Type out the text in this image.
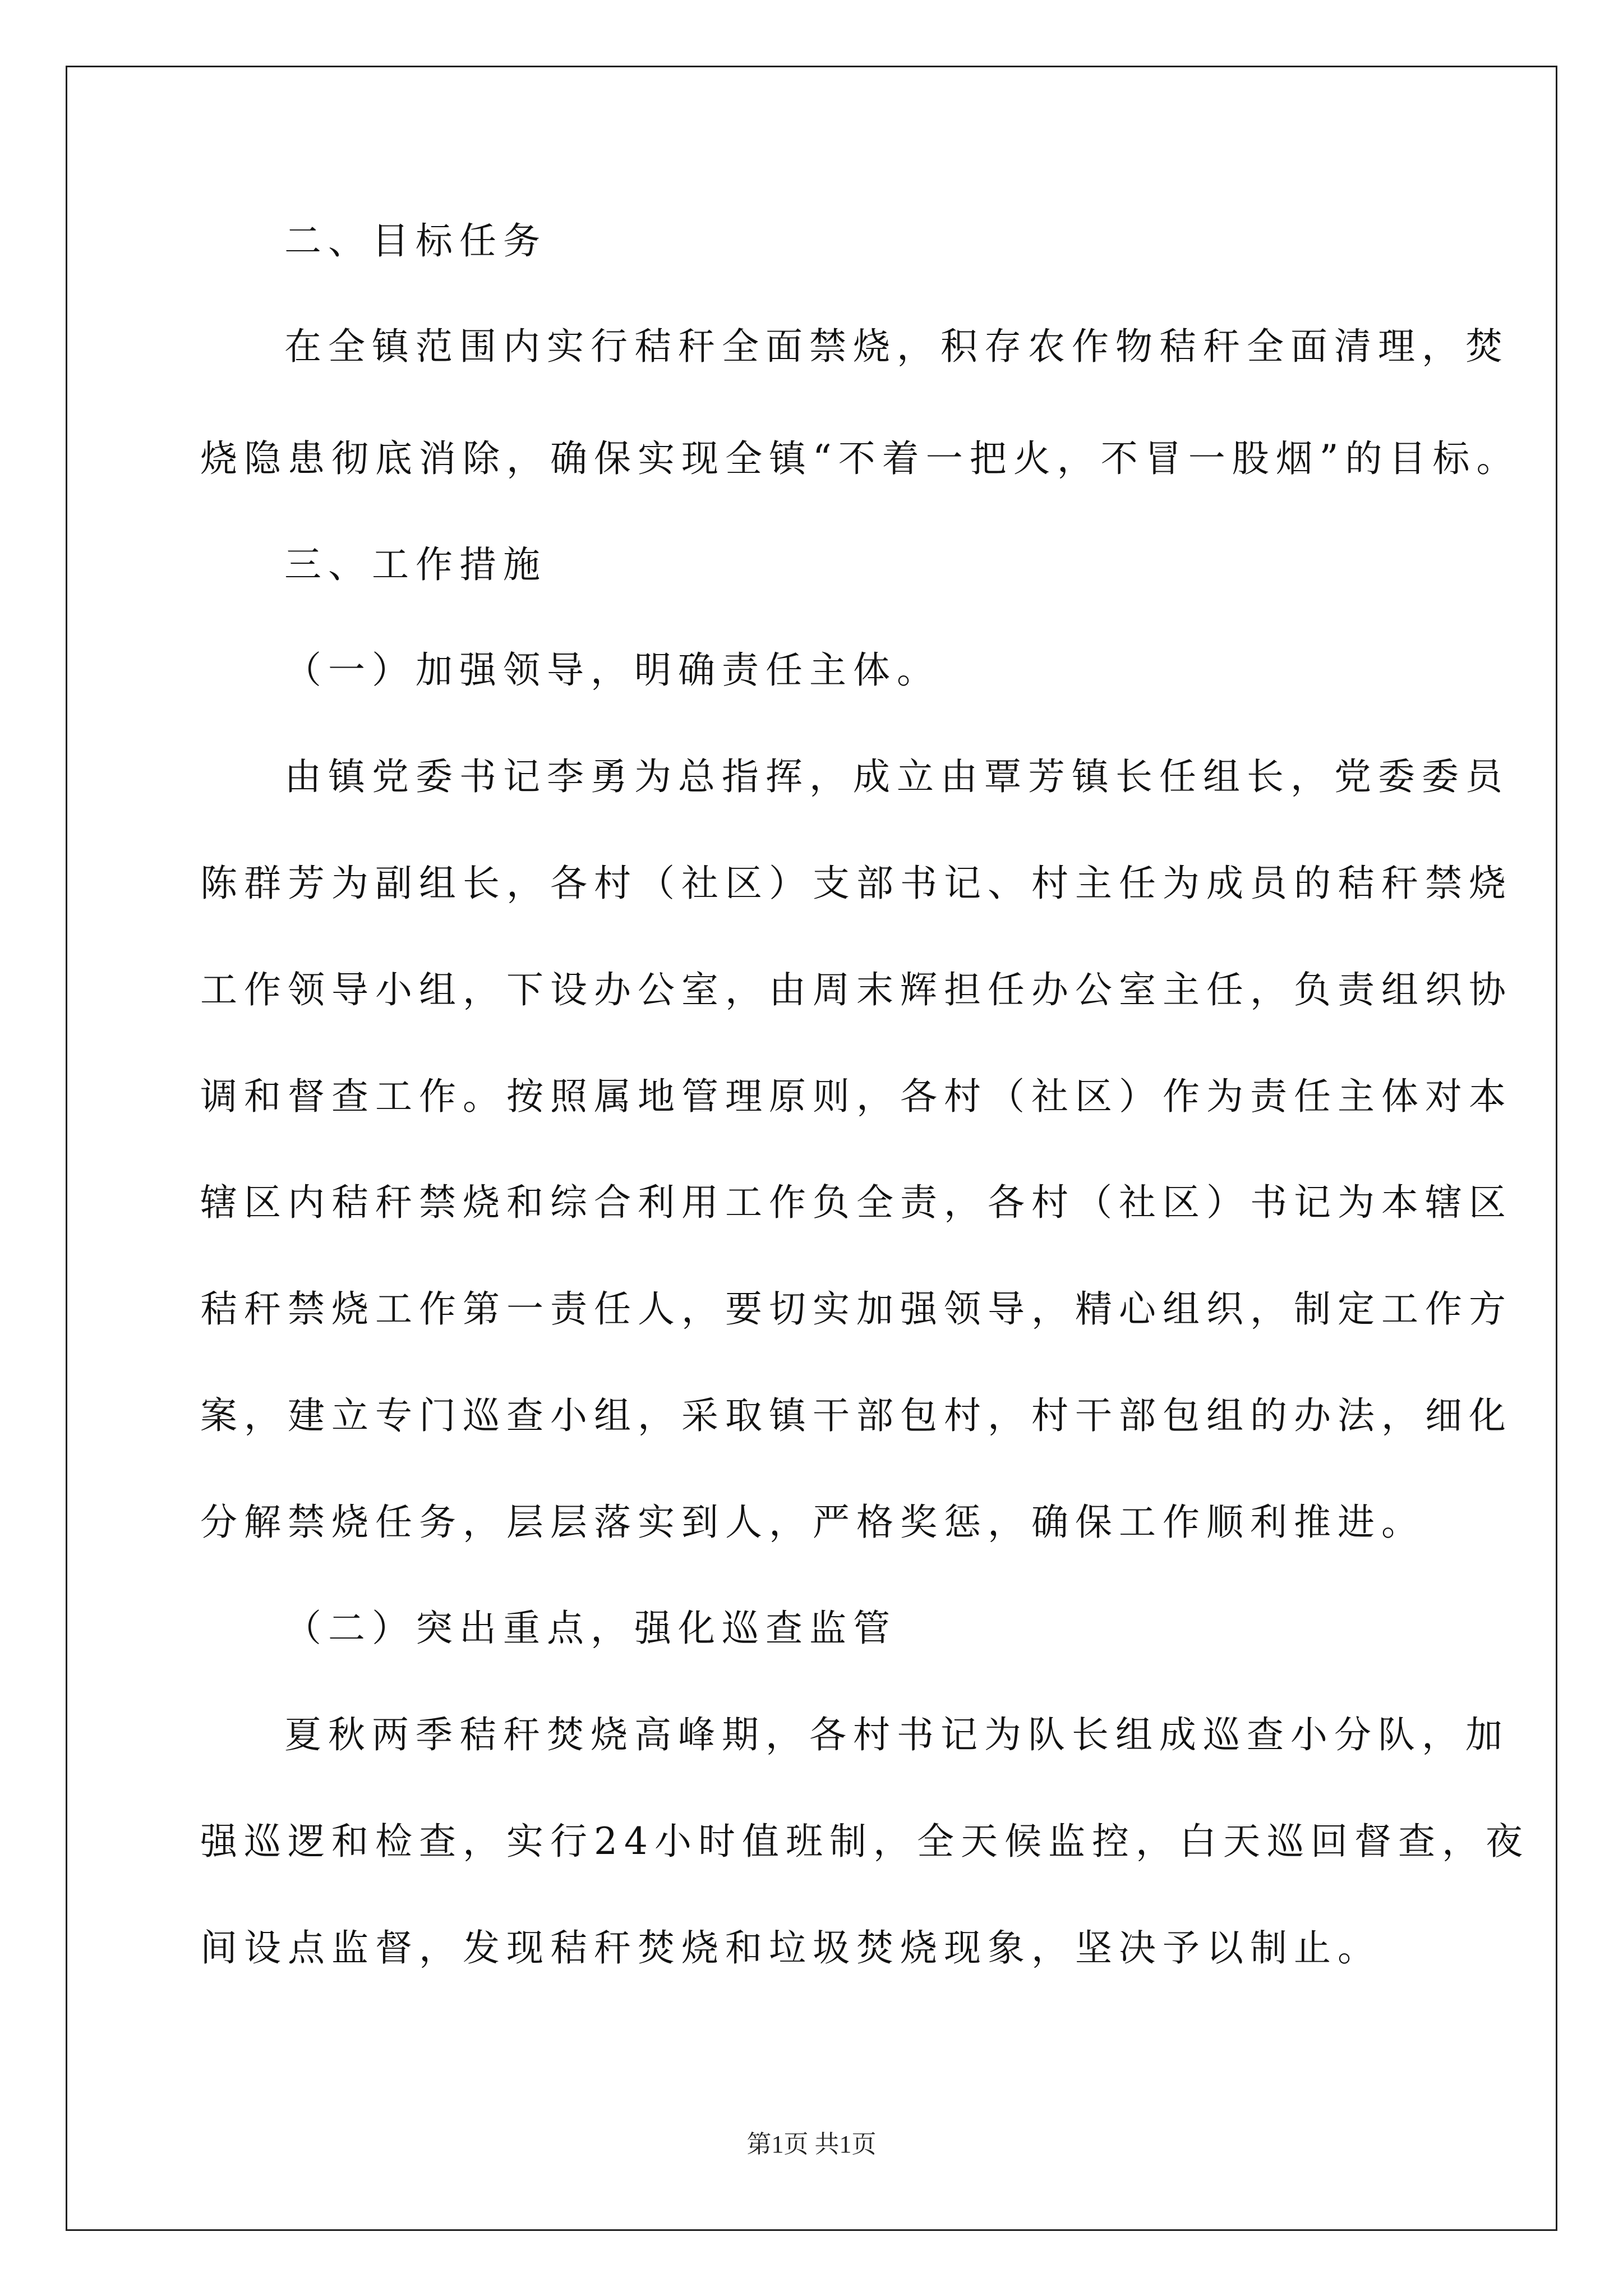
二、目标任务
在全镇范围内实行秸秆全面禁烧，积存农作物秸秆全面清理，焚
烧隐患彻底消除，确保实现全镇“不着一把火，不冒一股烟”的目标。
三、工作措施
（一）加强领导，明确责任主体。
由镇党委书记李勇为总指挥，成立由覃芳镇长任组长，党委委员
陈群芳为副组长，各村（社区）支部书记、村主任为成员的秸秆禁烧
工作领导小组，下设办公室，由周末辉担任办公室主任，负责组织协
调和督查工作。按照属地管理原则，各村（社区）作为责任主体对本
辖区内秸秆禁烧和综合利用工作负全责，各村（社区）书记为本辖区
秸秆禁烧工作第一责任人，要切实加强领导，精心组织，制定工作方
案，建立专门巡查小组，采取镇干部包村，村干部包组的办法，细化
分解禁烧任务，层层落实到人，严格奖惩，确保工作顺利推进。
（二）突出重点，强化巡查监管
夏秋两季秸秆焚烧高峰期，各村书记为队长组成巡查小分队，加
强巡逻和检查，实行24小时值班制，全天候监控，白天巡回督查，夜
间设点监督，发现秸秆焚烧和垃圾焚烧现象，坚决予以制止。
第1页 共1页
